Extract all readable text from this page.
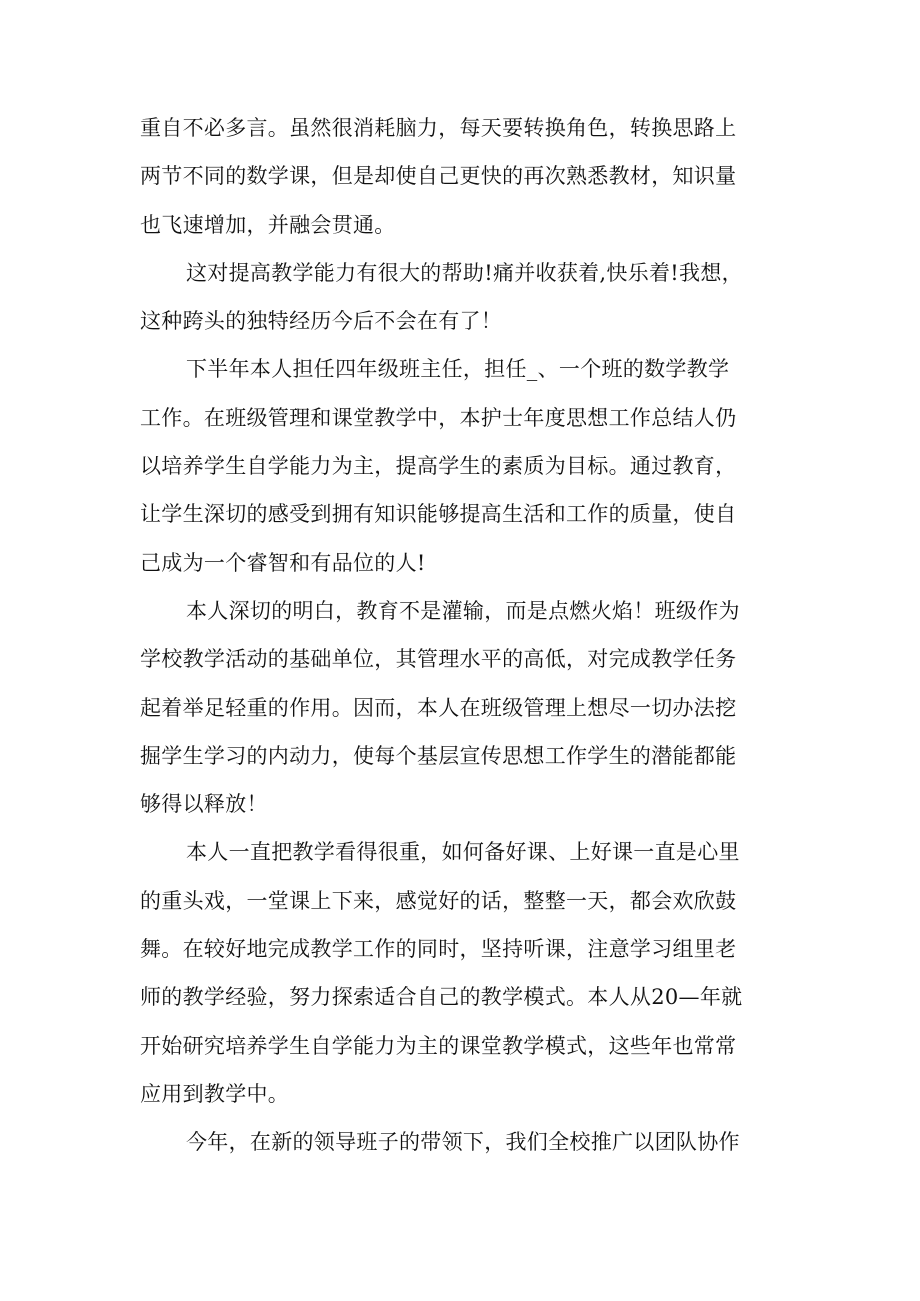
重自不必多言。虽然很消耗脑力，每天要转换角色，转换思路上
两节不同的数学课，但是却使自己更快的再次熟悉教材，知识量
也飞速增加，并融会贯通。

这对提高教学能力有很大的帮助!痛并收获着,快乐着!我想，
这种跨头的独特经历今后不会在有了！

下半年本人担任四年级班主任，担任_、一个班的数学教学
工作。在班级管理和课堂教学中，本护士年度思想工作总结人仍
以培养学生自学能力为主，提高学生的素质为目标。通过教育，
让学生深切的感受到拥有知识能够提高生活和工作的质量，使自
己成为一个睿智和有品位的人!

本人深切的明白，教育不是灌输，而是点燃火焰！班级作为
学校教学活动的基础单位，其管理水平的高低，对完成教学任务
起着举足轻重的作用。因而，本人在班级管理上想尽一切办法挖
掘学生学习的内动力，使每个基层宣传思想工作学生的潜能都能
够得以释放！

本人一直把教学看得很重，如何备好课、上好课一直是心里
的重头戏，一堂课上下来，感觉好的话，整整一天，都会欢欣鼓
舞。在较好地完成教学工作的同时，坚持听课，注意学习组里老
师的教学经验，努力探索适合自己的教学模式。本人从20—年就
开始研究培养学生自学能力为主的课堂教学模式，这些年也常常
应用到教学中。

今年，在新的领导班子的带领下，我们全校推广以团队协作
